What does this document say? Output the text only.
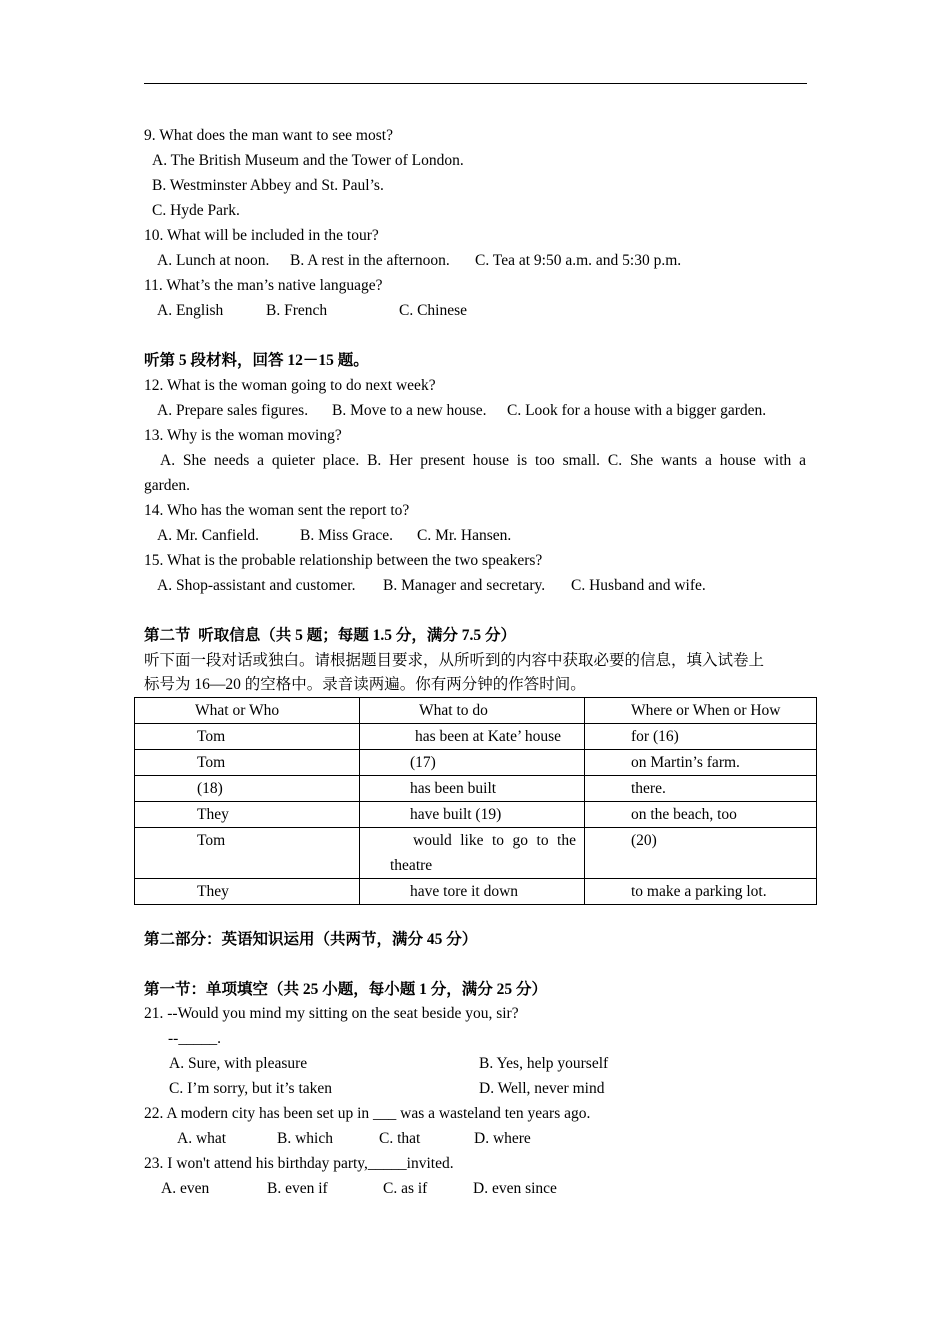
9. What does the man want to see most?
A. The British Museum and the Tower of London.
B. Westminster Abbey and St. Paul’s.
C. Hyde Park.
10. What will be included in the tour?
A. Lunch at noon. B. A rest in the afternoon. C. Tea at 9:50 a.m. and 5:30 p.m.
11. What’s the man’s native language?
A. English	B. French	C. Chinese
听第 5 段材料，回答 12－15 题。
12. What is the woman going to do next week?
A. Prepare sales figures. B. Move to a new house. C. Look for a house with a bigger garden.
13. Why is the woman moving?
A. She needs a quieter place. B. Her present house is too small. C. She wants a house with a
garden.
14. Who has the woman sent the report to?
A. Mr. Canfield.	B. Miss Grace. C. Mr. Hansen.
15. What is the probable relationship between the two speakers?
A. Shop-assistant and customer. B. Manager and secretary. C. Husband and wife.
第二节  听取信息（共 5 题；每题 1.5 分，满分 7.5 分）
听下面一段对话或独白。请根据题目要求，从所听到的内容中获取必要的信息，填入试卷上
标号为 16—20 的空格中。录音读两遍。你有两分钟的作答时间。
What or Who	What to do	Where or When or How
Tom	has been at Kate’ house	for (16)
Tom	(17)	on Martin’s farm.
(18)	has been built	there.
They	have built (19)	on the beach, too
Tom	would like to go to the theatre	(20)
They	have tore it down	to make a parking lot.
第二部分：英语知识运用（共两节，满分 45 分）
第一节：单项填空（共 25 小题，每小题 1 分，满分 25 分）
21. --Would you mind my sitting on the seat beside you, sir?
--_____.
A. Sure, with pleasure	B. Yes, help yourself
C. I’m sorry, but it’s taken	D. Well, never mind
22. A modern city has been set up in ___ was a wasteland ten years ago.
A. what	B. which	C. that	D. where
23. I won't attend his birthday party,_____invited.
A. even	B. even if	C. as if	D. even since
